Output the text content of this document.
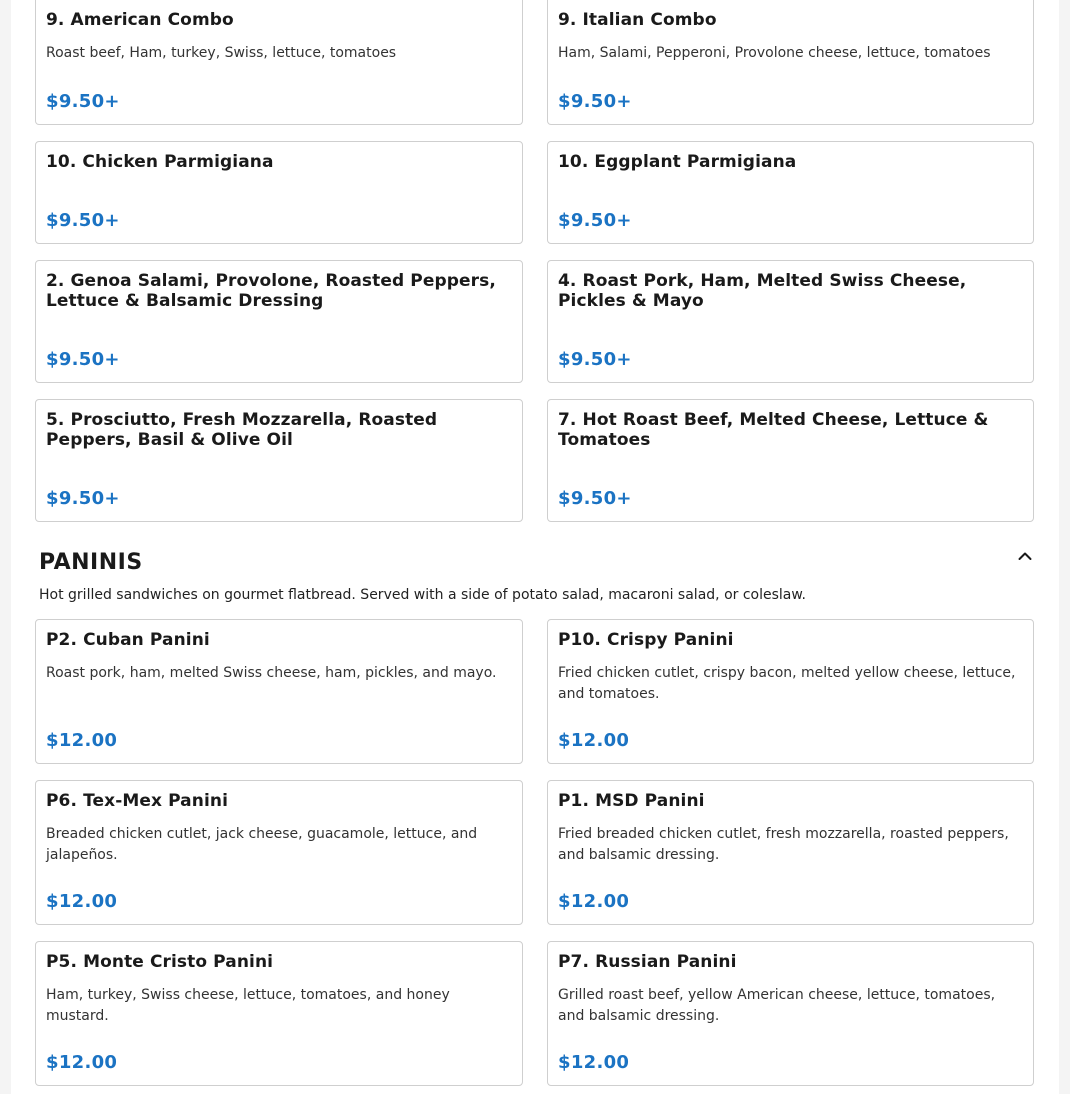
9. American Combo
Roast beef, Ham, turkey, Swiss, lettuce, tomatoes
$9.50+
9. Italian Combo
Ham, Salami, Pepperoni, Provolone cheese, lettuce, tomatoes
$9.50+
10. Chicken Parmigiana
$9.50+
10. Eggplant Parmigiana
$9.50+
2. Genoa Salami, Provolone, Roasted Peppers, Lettuce & Balsamic Dressing
$9.50+
4. Roast Pork, Ham, Melted Swiss Cheese, Pickles & Mayo
$9.50+
5. Prosciutto, Fresh Mozzarella, Roasted Peppers, Basil & Olive Oil
$9.50+
7. Hot Roast Beef, Melted Cheese, Lettuce & Tomatoes
$9.50+
PANINIS
Hot grilled sandwiches on gourmet flatbread. Served with a side of potato salad, macaroni salad, or coleslaw.
P2. Cuban Panini
Roast pork, ham, melted Swiss cheese, ham, pickles, and mayo.
$12.00
P10. Crispy Panini
Fried chicken cutlet, crispy bacon, melted yellow cheese, lettuce, and tomatoes.
$12.00
P6. Tex-Mex Panini
Breaded chicken cutlet, jack cheese, guacamole, lettuce, and jalapeños.
$12.00
P1. MSD Panini
Fried breaded chicken cutlet, fresh mozzarella, roasted peppers, and balsamic dressing.
$12.00
P5. Monte Cristo Panini
Ham, turkey, Swiss cheese, lettuce, tomatoes, and honey mustard.
$12.00
P7. Russian Panini
Grilled roast beef, yellow American cheese, lettuce, tomatoes, and balsamic dressing.
$12.00
